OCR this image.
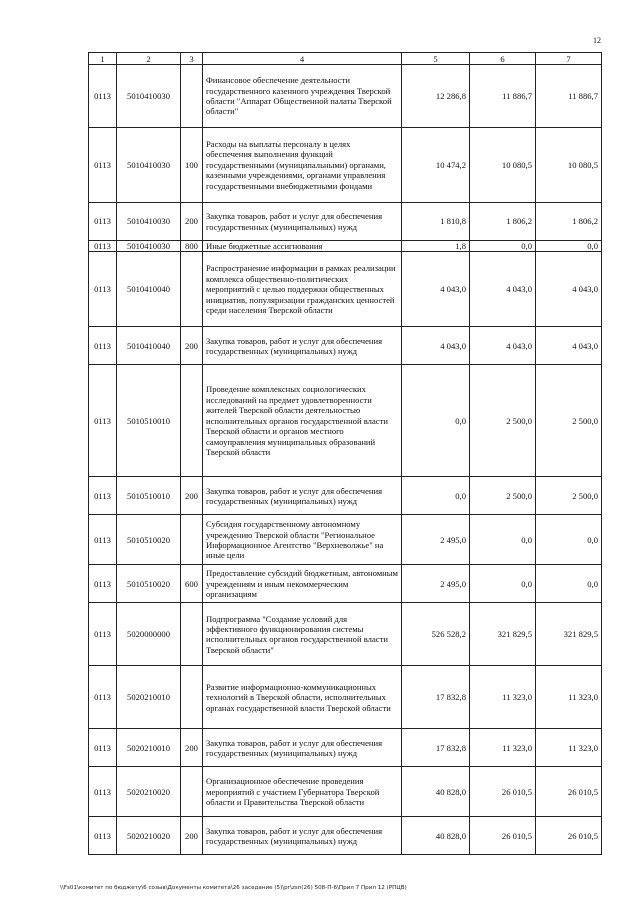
12
1	2	3	4	5	6	7
0113	5010410030		Финансовое обеспечение деятельности государственного казенного учреждения Тверской области "Аппарат Общественной палаты Тверской области"	12 286,8	11 886,7	11 886,7
0113	5010410030	100	Расходы на выплаты персоналу в целях обеспечения выполнения функций государственными (муниципальными) органами, казенными учреждениями, органами управления государственными внебюджетными фондами	10 474,2	10 080,5	10 080,5
0113	5010410030	200	Закупка товаров, работ и услуг для обеспечения государственных (муниципальных) нужд	1 810,8	1 806,2	1 806,2
0113	5010410030	800	Иные бюджетные ассигнования	1,8	0,0	0,0
0113	5010410040		Распространение информации в рамках реализации комплекса общественно-политических мероприятий с целью поддержки общественных инициатив, популяризации гражданских ценностей среди населения Тверской области	4 043,0	4 043,0	4 043,0
0113	5010410040	200	Закупка товаров, работ и услуг для обеспечения государственных (муниципальных) нужд	4 043,0	4 043,0	4 043,0
0113	5010510010		Проведение комплексных социологических исследований на предмет удовлетворенности жителей Тверской области деятельностью исполнительных органов государственной власти Тверской области и органов местного самоуправления муниципальных образований Тверской области	0,0	2 500,0	2 500,0
0113	5010510010	200	Закупка товаров, работ и услуг для обеспечения государственных (муниципальных) нужд	0,0	2 500,0	2 500,0
0113	5010510020		Субсидия государственному автономному учреждению Тверской области "Региональное Информационное Агентство "Верхневолжье" на иные цели	2 495,0	0,0	0,0
0113	5010510020	600	Предоставление субсидий бюджетным, автономным учреждениям и иным некоммерческим организациям	2 495,0	0,0	0,0
0113	5020000000		Подпрограмма "Создание условий для эффективного функционирования системы исполнительных органов государственной власти Тверской области"	526 528,2	321 829,5	321 829,5
0113	5020210010		Развитие информационно-коммуникационных технологий в Тверской области, исполнительных органах государственной власти Тверской области	17 832,8	11 323,0	11 323,0
0113	5020210010	200	Закупка товаров, работ и услуг для обеспечения государственных (муниципальных) нужд	17 832,8	11 323,0	11 323,0
0113	5020210020		Организационное обеспечение проведения мероприятий с участием Губернатора Тверской области и Правительства Тверской области	40 828,0	26 010,5	26 010,5
0113	5020210020	200	Закупка товаров, работ и услуг для обеспечения государственных (муниципальных) нужд	40 828,0	26 010,5	26 010,5
\\Fs01\комитет по бюджету\6 созыв\Документы комитета\26 заседание (5)\pr\zsn(26) 508-П-6\Прил 7 Прил 12 (РПЦВ)
